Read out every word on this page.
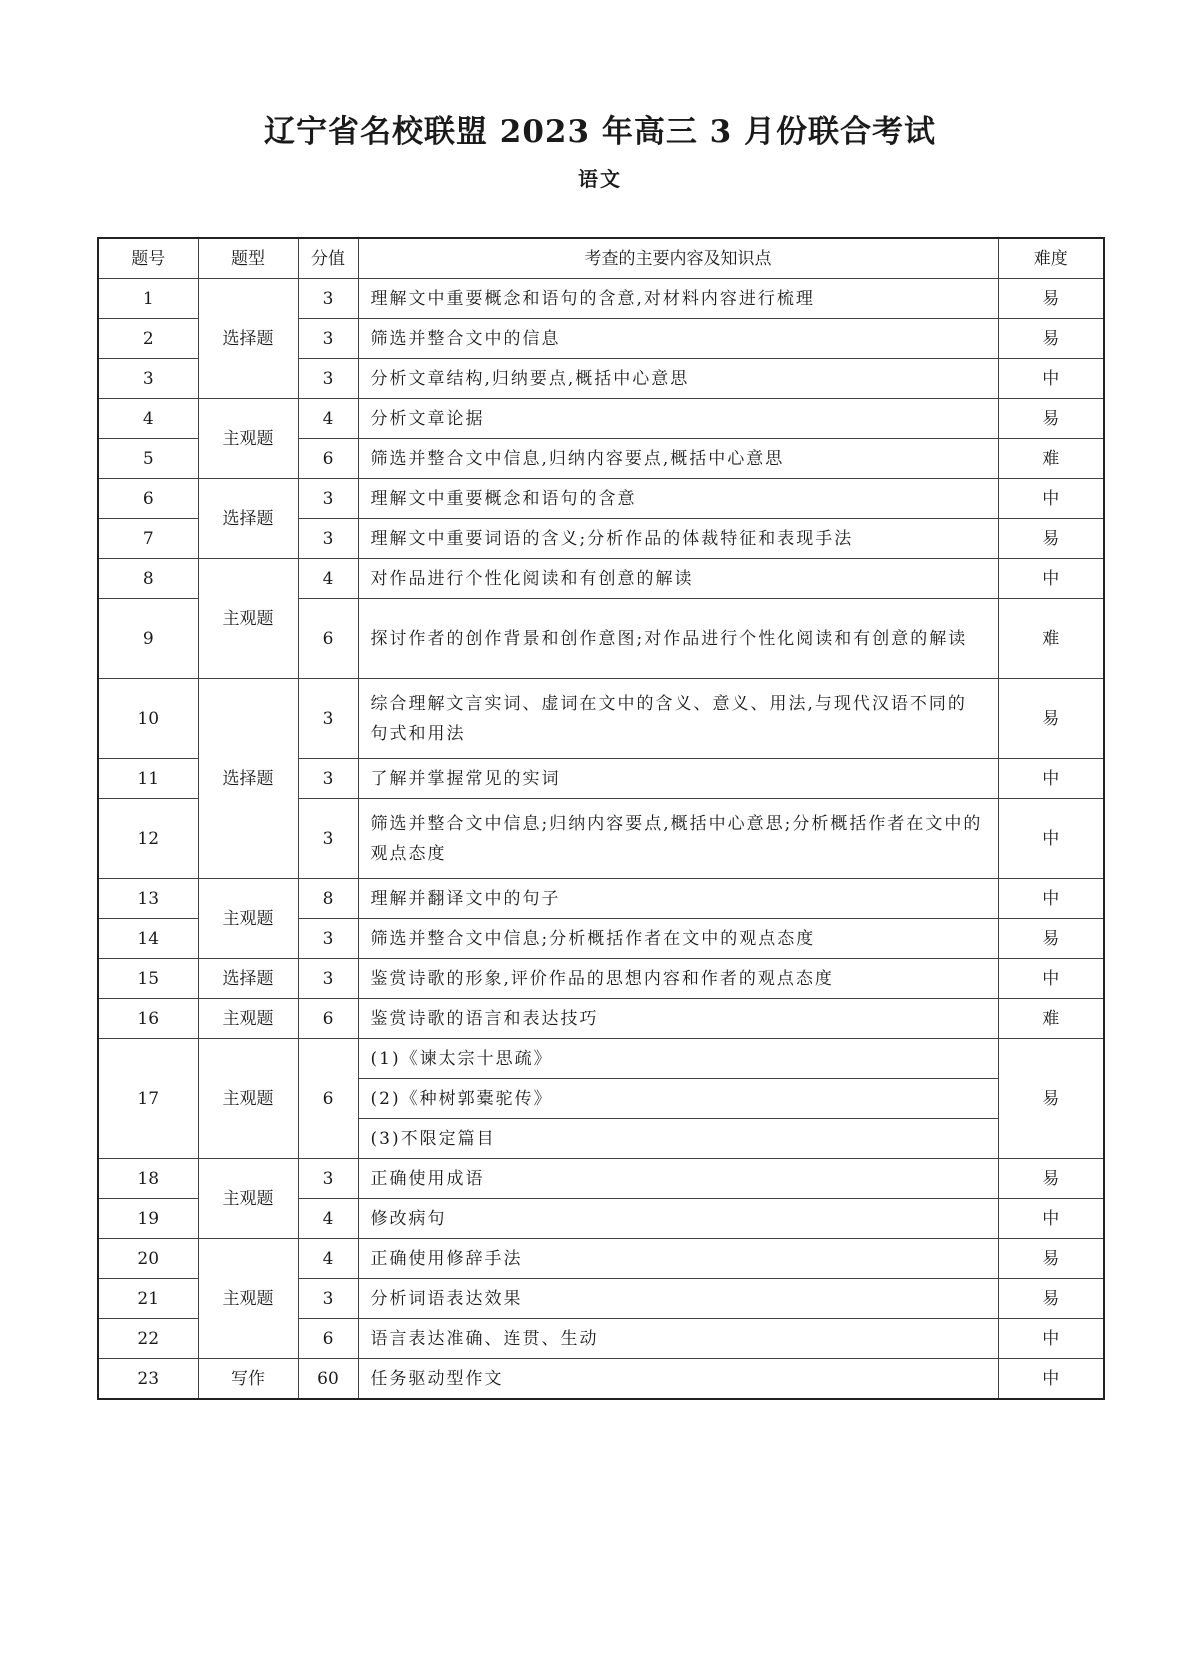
辽宁省名校联盟 2023 年高三 3 月份联合考试
语文
题号	题型	分值	考查的主要内容及知识点	难度
1	选择题	3	理解文中重要概念和语句的含意,对材料内容进行梳理	易
2		3	筛选并整合文中的信息	易
3		3	分析文章结构,归纳要点,概括中心意思	中
4	主观题	4	分析文章论据	易
5		6	筛选并整合文中信息,归纳内容要点,概括中心意思	难
6	选择题	3	理解文中重要概念和语句的含意	中
7		3	理解文中重要词语的含义;分析作品的体裁特征和表现手法	易
8	主观题	4	对作品进行个性化阅读和有创意的解读	中
9		6	探讨作者的创作背景和创作意图;对作品进行个性化阅读和有创意的解读	难
10	选择题	3	综合理解文言实词、虚词在文中的含义、意义、用法,与现代汉语不同的句式和用法	易
11		3	了解并掌握常见的实词	中
12		3	筛选并整合文中信息;归纳内容要点,概括中心意思;分析概括作者在文中的观点态度	中
13	主观题	8	理解并翻译文中的句子	中
14		3	筛选并整合文中信息;分析概括作者在文中的观点态度	易
15	选择题	3	鉴赏诗歌的形象,评价作品的思想内容和作者的观点态度	中
16	主观题	6	鉴赏诗歌的语言和表达技巧	难
17	主观题	6	(1)《谏太宗十思疏》	易
			(2)《种树郭橐驼传》	
			(3)不限定篇目	
18	主观题	3	正确使用成语	易
19		4	修改病句	中
20	主观题	4	正确使用修辞手法	易
21		3	分析词语表达效果	易
22		6	语言表达准确、连贯、生动	中
23	写作	60	任务驱动型作文	中
